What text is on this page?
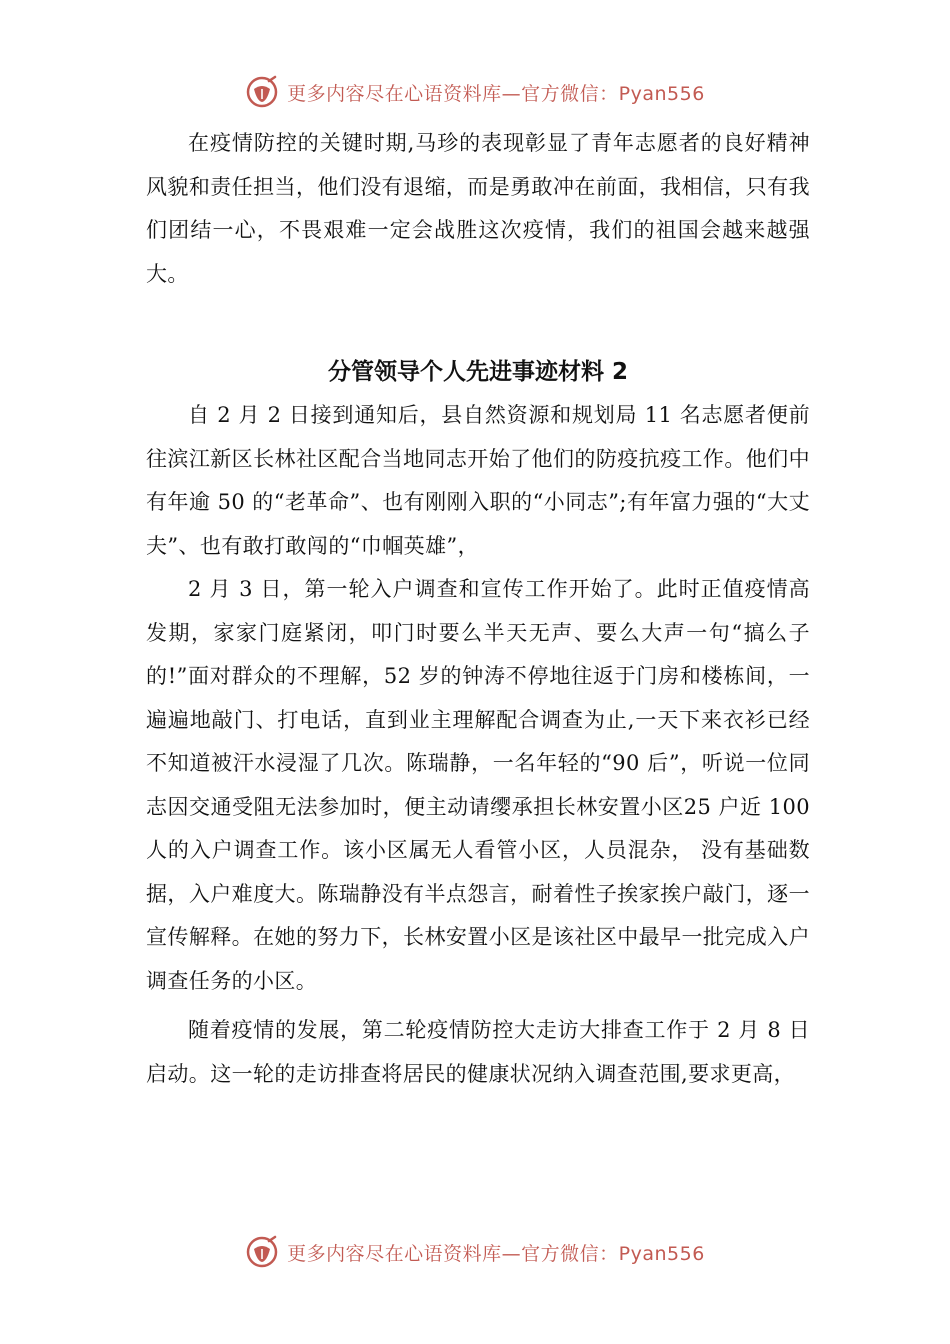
更多内容尽在心语资料库—官方微信：Pyan556

在疫情防控的关键时期,马珍的表现彰显了青年志愿者的良好精神风貌和责任担当，他们没有退缩，而是勇敢冲在前面，我相信，只有我们团结一心，不畏艰难一定会战胜这次疫情，我们的祖国会越来越强大。

分管领导个人先进事迹材料 2

自 2 月 2 日接到通知后，县自然资源和规划局 11 名志愿者便前往滨江新区长林社区配合当地同志开始了他们的防疫抗疫工作。他们中有年逾 50 的“老革命”、也有刚刚入职的“小同志”;有年富力强的“大丈夫”、也有敢打敢闯的“巾帼英雄”，

2 月 3 日，第一轮入户调查和宣传工作开始了。此时正值疫情高发期，家家门庭紧闭，叩门时要么半天无声、要么大声一句“搞么子的!”面对群众的不理解，52 岁的钟涛不停地往返于门房和楼栋间，一遍遍地敲门、打电话，直到业主理解配合调查为止,一天下来衣衫已经不知道被汗水浸湿了几次。陈瑞静，一名年轻的“90 后”，听说一位同志因交通受阻无法参加时，便主动请缨承担长林安置小区25 户近 100 人的入户调查工作。该小区属无人看管小区，人员混杂， 没有基础数据，入户难度大。陈瑞静没有半点怨言，耐着性子挨家挨户敲门，逐一宣传解释。在她的努力下，长林安置小区是该社区中最早一批完成入户调查任务的小区。

随着疫情的发展，第二轮疫情防控大走访大排查工作于 2 月 8 日启动。这一轮的走访排查将居民的健康状况纳入调查范围,要求更高，

更多内容尽在心语资料库—官方微信：Pyan556
